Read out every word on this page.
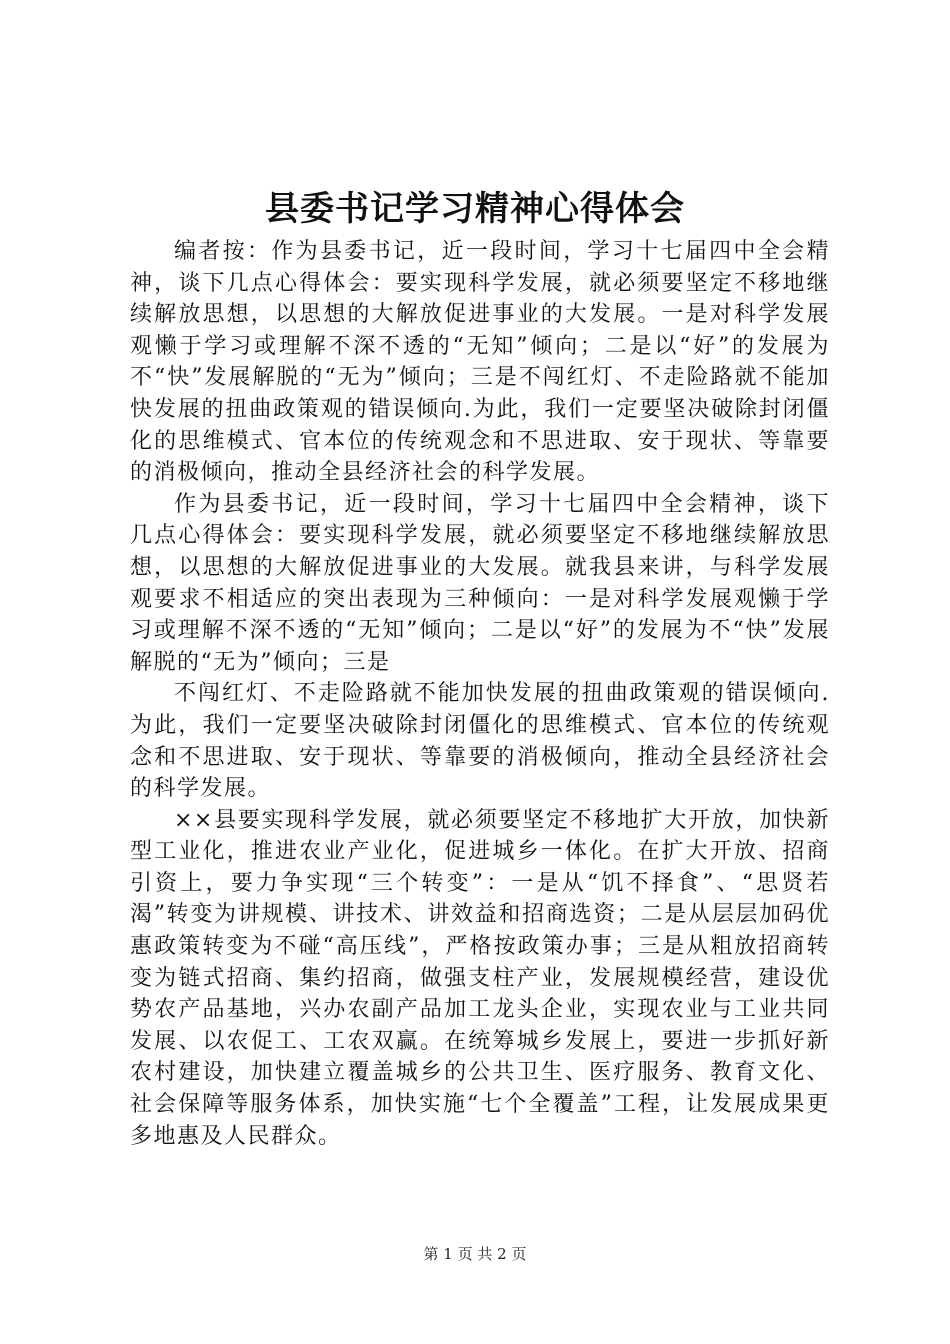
县委书记学习精神心得体会

编者按：作为县委书记，近一段时间，学习十七届四中全会精神，谈下几点心得体会：要实现科学发展，就必须要坚定不移地继续解放思想，以思想的大解放促进事业的大发展。一是对科学发展观懒于学习或理解不深不透的“无知”倾向；二是以“好”的发展为不“快”发展解脱的“无为”倾向；三是不闯红灯、不走险路就不能加快发展的扭曲政策观的错误倾向.为此，我们一定要坚决破除封闭僵化的思维模式、官本位的传统观念和不思进取、安于现状、等靠要的消极倾向，推动全县经济社会的科学发展。

作为县委书记，近一段时间，学习十七届四中全会精神，谈下几点心得体会：要实现科学发展，就必须要坚定不移地继续解放思想，以思想的大解放促进事业的大发展。就我县来讲，与科学发展观要求不相适应的突出表现为三种倾向：一是对科学发展观懒于学习或理解不深不透的“无知”倾向；二是以“好”的发展为不“快”发展解脱的“无为”倾向；三是

不闯红灯、不走险路就不能加快发展的扭曲政策观的错误倾向.为此，我们一定要坚决破除封闭僵化的思维模式、官本位的传统观念和不思进取、安于现状、等靠要的消极倾向，推动全县经济社会的科学发展。

××县要实现科学发展，就必须要坚定不移地扩大开放，加快新型工业化，推进农业产业化，促进城乡一体化。在扩大开放、招商引资上，要力争实现“三个转变”：一是从“饥不择食”、“思贤若渴”转变为讲规模、讲技术、讲效益和招商选资；二是从层层加码优惠政策转变为不碰“高压线”，严格按政策办事；三是从粗放招商转变为链式招商、集约招商，做强支柱产业，发展规模经营，建设优势农产品基地，兴办农副产品加工龙头企业，实现农业与工业共同发展、以农促工、工农双赢。在统筹城乡发展上，要进一步抓好新农村建设，加快建立覆盖城乡的公共卫生、医疗服务、教育文化、社会保障等服务体系，加快实施“七个全覆盖”工程，让发展成果更多地惠及人民群众。

第 1 页 共 2 页
